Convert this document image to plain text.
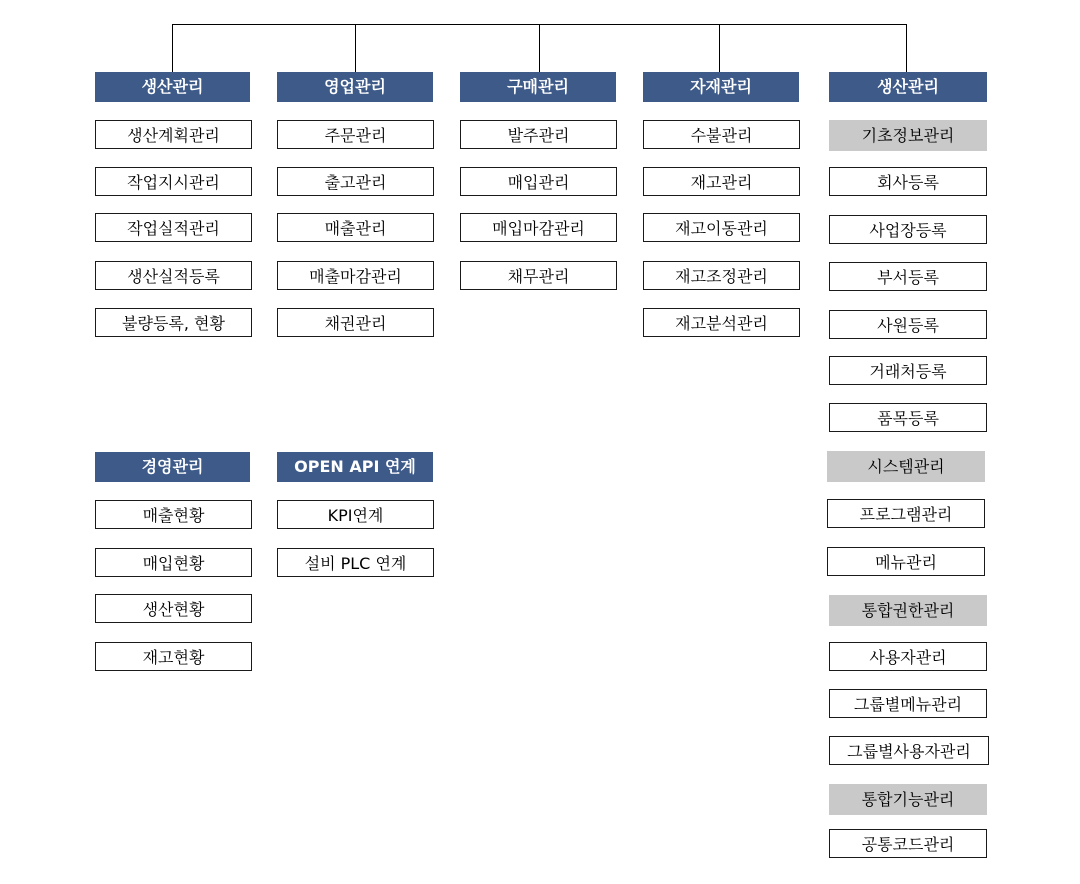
생산관리
생산계획관리
작업지시관리
작업실적관리
생산실적등록
불량등록, 현황
영업관리
주문관리
출고관리
매출관리
매출마감관리
채권관리
구매관리
발주관리
매입관리
매입마감관리
채무관리
자재관리
수불관리
재고관리
재고이동관리
재고조정관리
재고분석관리
경영관리
매출현황
매입현황
생산현황
재고현황
OPEN API 연계
KPI연계
설비 PLC 연계
생산관리
기초정보관리
회사등록
사업장등록
부서등록
사원등록
거래처등록
품목등록
시스템관리
프로그램관리
메뉴관리
통합권한관리
사용자관리
그룹별메뉴관리
그룹별사용자관리
통합기능관리
공통코드관리
